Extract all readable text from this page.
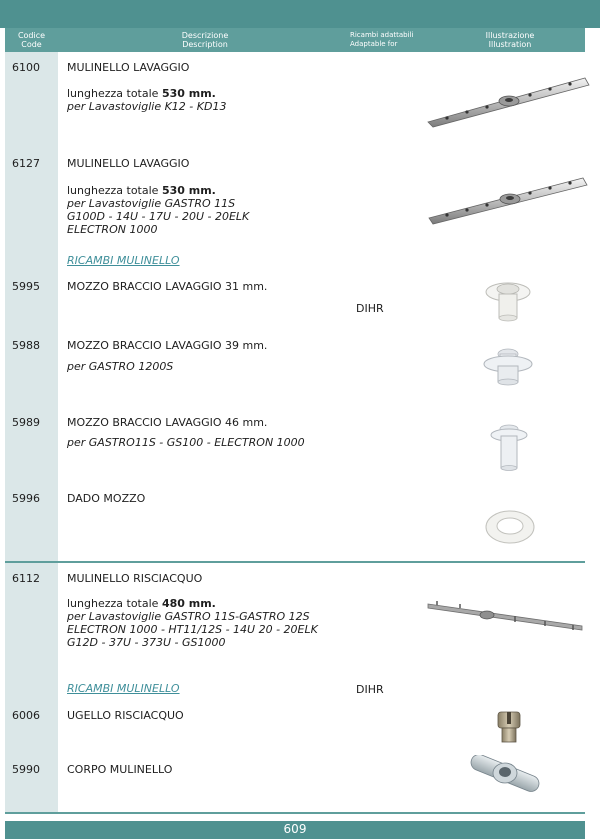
Codice
Code
Descrizione
Description
Ricambi adattabili
Adaptable for
Illustrazione
Illustration
6100 MULINELLO LAVAGGIO
lunghezza totale 530 mm.
per Lavastoviglie K12 - KD13
6127 MULINELLO LAVAGGIO
lunghezza totale 530 mm.
per Lavastoviglie GASTRO 11S
G100D - 14U - 17U - 20U - 20ELK
ELECTRON 1000
RICAMBI MULINELLO
5995 MOZZO BRACCIO LAVAGGIO 31 mm.
DIHR
5988 MOZZO BRACCIO LAVAGGIO 39 mm.
per GASTRO 1200S
5989 MOZZO BRACCIO LAVAGGIO 46 mm.
per GASTRO11S - GS100 - ELECTRON 1000
5996 DADO MOZZO
6112 MULINELLO RISCIACQUO
lunghezza totale 480 mm.
per Lavastoviglie GASTRO 11S-GASTRO 12S
ELECTRON 1000 - HT11/12S - 14U 20 - 20ELK
G12D - 37U - 373U - GS1000
RICAMBI MULINELLO	DIHR
6006 UGELLO RISCIACQUO
5990 CORPO MULINELLO
609
